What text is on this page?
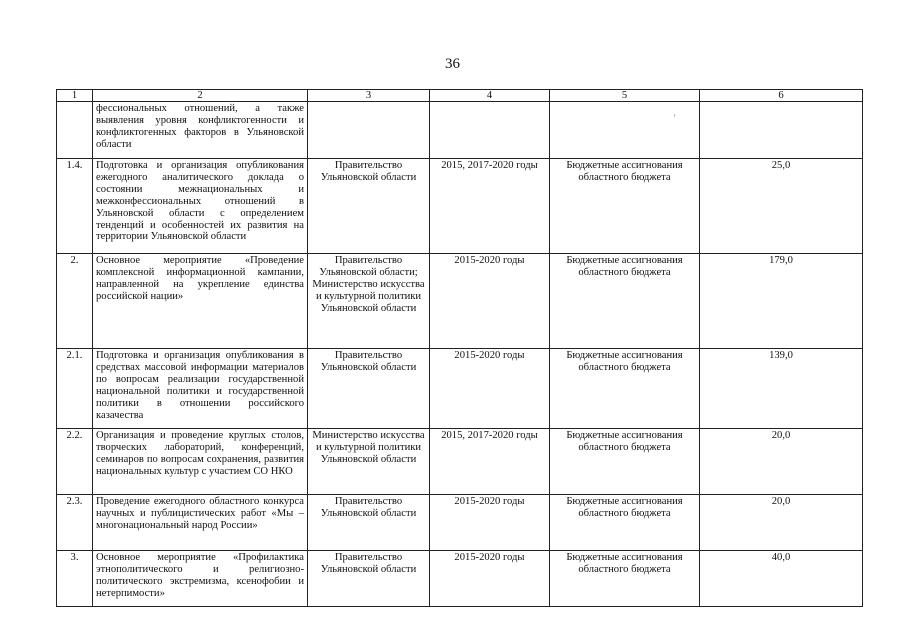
36
'
1	2	3	4	5	6
	фессиональных отношений, а также выявления уровня конфликтогенности и конфликтогенных факторов в Ульяновской области				
1.4.	Подготовка и организация опубликования ежегодного аналитического доклада о состоянии межнациональных и межконфессиональных отношений в Ульяновской области с определением тенденций и особенностей их развития на территории Ульяновской области	Правительство Ульяновской области	2015, 2017-2020 годы	Бюджетные ассигнования областного бюджета	25,0
2.	Основное мероприятие «Проведение комплексной информационной кампании, направленной на укрепление единства российской нации»	Правительство Ульяновской области; Министерство искусства и культурной политики Ульяновской области	2015-2020 годы	Бюджетные ассигнования областного бюджета	179,0
2.1.	Подготовка и организация опубликования в средствах массовой информации материалов по вопросам реализации государственной национальной политики и государственной политики в отношении российского казачества	Правительство Ульяновской области	2015-2020 годы	Бюджетные ассигнования областного бюджета	139,0
2.2.	Организация и проведение круглых столов, творческих лабораторий, конференций, семинаров по вопросам сохранения, развития национальных культур с участием СО НКО	Министерство искусства и культурной политики Ульяновской области	2015, 2017-2020 годы	Бюджетные ассигнования областного бюджета	20,0
2.3.	Проведение ежегодного областного конкурса научных и публицистических работ «Мы – многонациональный народ России»	Правительство Ульяновской области	2015-2020 годы	Бюджетные ассигнования областного бюджета	20,0
3.	Основное мероприятие «Профилактика этнополитического и религиозно-политического экстремизма, ксенофобии и нетерпимости»	Правительство Ульяновской области	2015-2020 годы	Бюджетные ассигнования областного бюджета	40,0
